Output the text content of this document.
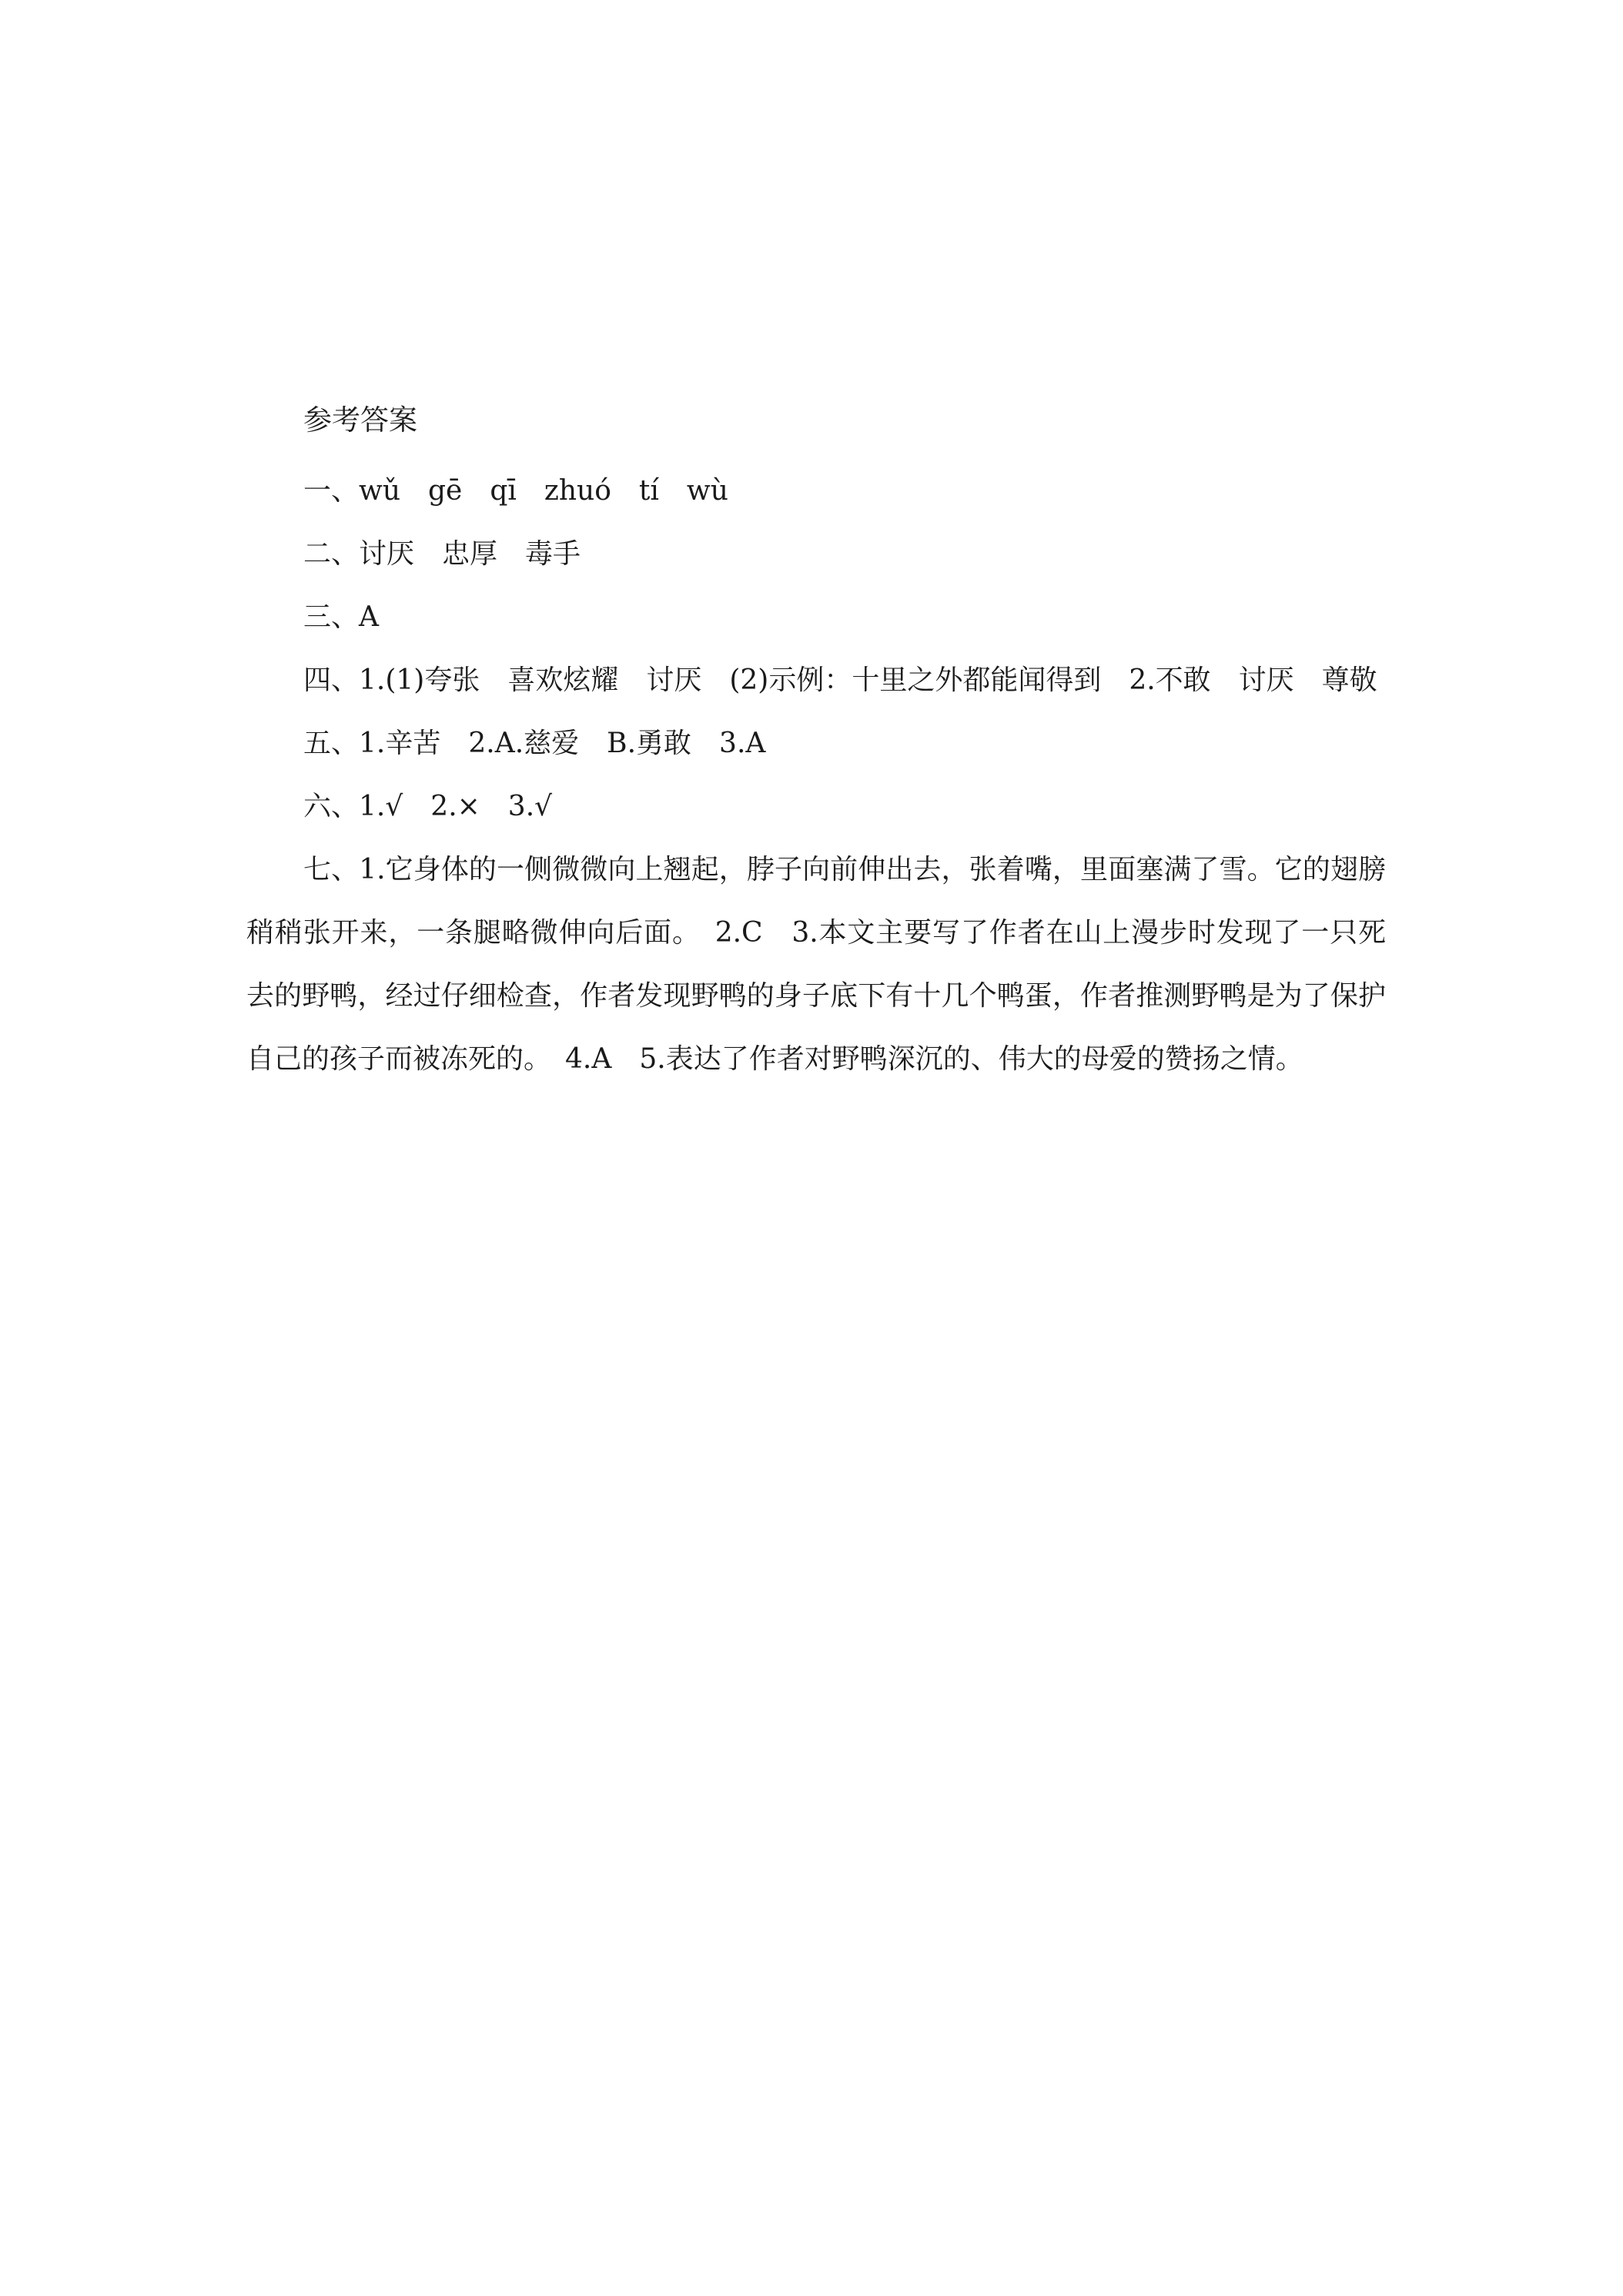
参考答案

一、wǔ　gē　qī　zhuó　tí　wù

二、讨厌　忠厚　毒手

三、A

四、1.(1)夸张　喜欢炫耀　讨厌　(2)示例：十里之外都能闻得到　2.不敢　讨厌　尊敬

五、1.辛苦　2.A.慈爱　B.勇敢　3.A

六、1.√　2.×　3.√

七、1.它身体的一侧微微向上翘起，脖子向前伸出去，张着嘴，里面塞满了雪。它的翅膀稍稍张开来，一条腿略微伸向后面。　2.C　3.本文主要写了作者在山上漫步时发现了一只死去的野鸭，经过仔细检查，作者发现野鸭的身子底下有十几个鸭蛋，作者推测野鸭是为了保护自己的孩子而被冻死的。　4.A　5.表达了作者对野鸭深沉的、伟大的母爱的赞扬之情。
